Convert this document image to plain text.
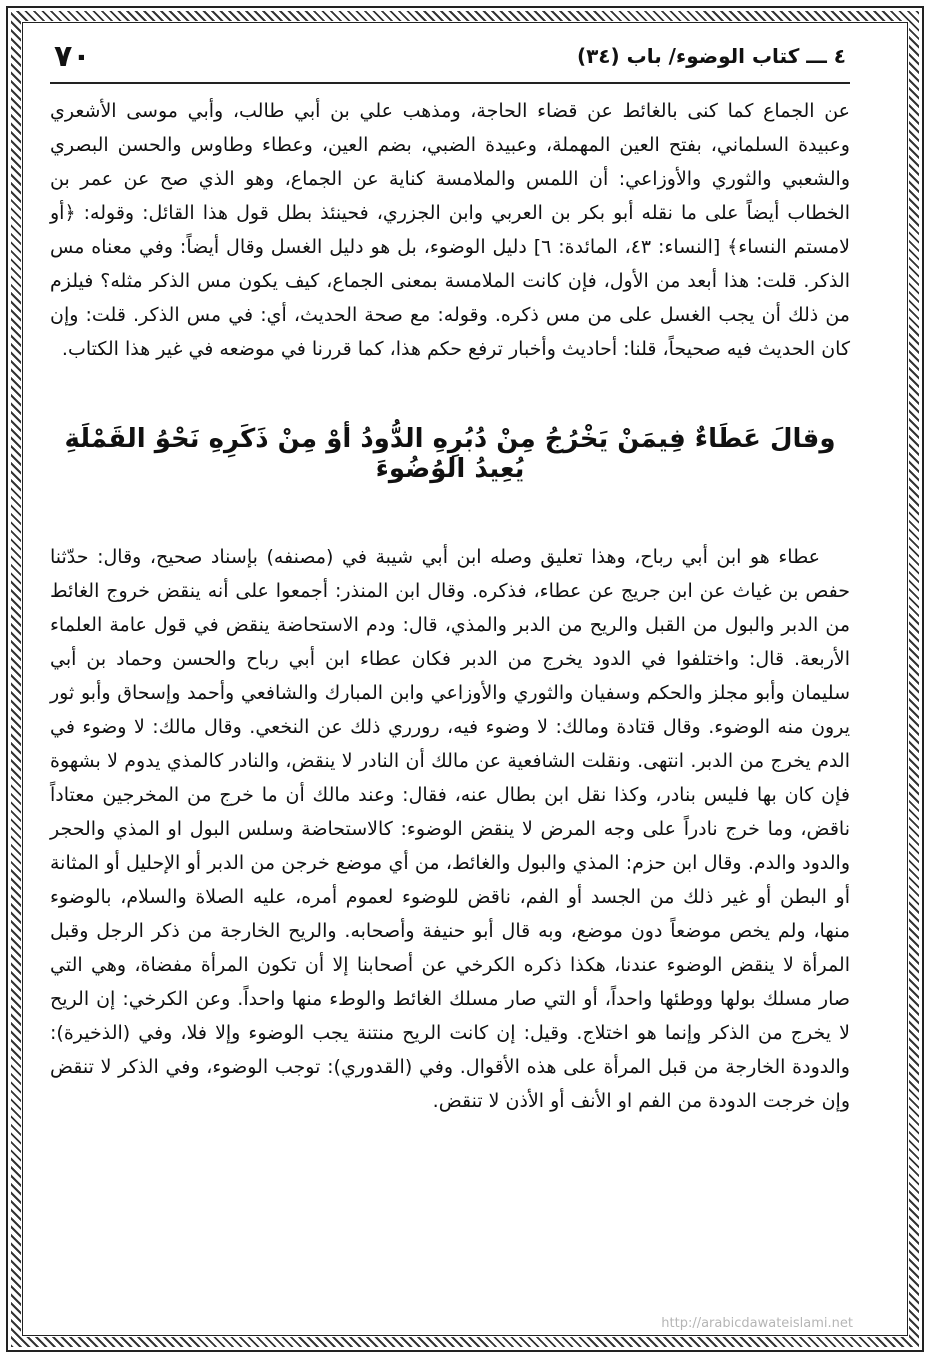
٤ ـــ كتاب الوضوء/ باب (٣٤)
٧٠

عن الجماع كما كنى بالغائط عن قضاء الحاجة، ومذهب علي بن أبي طالب، وأبي موسى الأشعري وعبيدة السلماني، بفتح العين المهملة، وعبيدة الضبي، بضم العين، وعطاء وطاوس والحسن البصري والشعبي والثوري والأوزاعي: أن اللمس والملامسة كناية عن الجماع، وهو الذي صح عن عمر بن الخطاب أيضاً على ما نقله أبو بكر بن العربي وابن الجزري، فحينئذ بطل قول هذا القائل: وقوله: ﴿أو لامستم النساء﴾ [النساء: ٤٣، المائدة: ٦] دليل الوضوء، بل هو دليل الغسل وقال أيضاً: وفي معناه مس الذكر. قلت: هذا أبعد من الأول، فإن كانت الملامسة بمعنى الجماع، كيف يكون مس الذكر مثله؟ فيلزم من ذلك أن يجب الغسل على من مس ذكره. وقوله: مع صحة الحديث، أي: في مس الذكر. قلت: وإن كان الحديث فيه صحيحاً، قلنا: أحاديث وأخبار ترفع حكم هذا، كما قررنا في موضعه في غير هذا الكتاب.

وقالَ عَطَاءٌ فِيمَنْ يَخْرُجُ مِنْ دُبُرِهِ الدُّودُ أوْ مِنْ ذَكَرِهِ نَحْوُ القَمْلَةِ يُعِيدُ الوُضُوءَ

عطاء هو ابن أبي رباح، وهذا تعليق وصله ابن أبي شيبة في (مصنفه) بإسناد صحيح، وقال: حدّثنا حفص بن غياث عن ابن جريج عن عطاء، فذكره. وقال ابن المنذر: أجمعوا على أنه ينقض خروج الغائط من الدبر والبول من القبل والريح من الدبر والمذي، قال: ودم الاستحاضة ينقض في قول عامة العلماء الأربعة. قال: واختلفوا في الدود يخرج من الدبر فكان عطاء ابن أبي رباح والحسن وحماد بن أبي سليمان وأبو مجلز والحكم وسفيان والثوري والأوزاعي وابن المبارك والشافعي وأحمد وإسحاق وأبو ثور يرون منه الوضوء. وقال قتادة ومالك: لا وضوء فيه، رورري ذلك عن النخعي. وقال مالك: لا وضوء في الدم يخرج من الدبر. انتهى. ونقلت الشافعية عن مالك أن النادر لا ينقض، والنادر كالمذي يدوم لا بشهوة فإن كان بها فليس بنادر، وكذا نقل ابن بطال عنه، فقال: وعند مالك أن ما خرج من المخرجين معتاداً ناقض، وما خرج نادراً على وجه المرض لا ينقض الوضوء: كالاستحاضة وسلس البول او المذي والحجر والدود والدم. وقال ابن حزم: المذي والبول والغائط، من أي موضع خرجن من الدبر أو الإحليل أو المثانة أو البطن أو غير ذلك من الجسد أو الفم، ناقض للوضوء لعموم أمره، عليه الصلاة والسلام، بالوضوء منها، ولم يخص موضعاً دون موضع، وبه قال أبو حنيفة وأصحابه. والريح الخارجة من ذكر الرجل وقبل المرأة لا ينقض الوضوء عندنا، هكذا ذكره الكرخي عن أصحابنا إلا أن تكون المرأة مفضاة، وهي التي صار مسلك بولها ووطئها واحداً، أو التي صار مسلك الغائط والوطء منها واحداً. وعن الكرخي: إن الريح لا يخرج من الذكر وإنما هو اختلاج. وقيل: إن كانت الريح منتنة يجب الوضوء وإلا فلا، وفي (الذخيرة): والدودة الخارجة من قبل المرأة على هذه الأقوال. وفي (القدوري): توجب الوضوء، وفي الذكر لا تنقض وإن خرجت الدودة من الفم او الأنف أو الأذن لا تنقض.

http://arabicdawateislami.net
